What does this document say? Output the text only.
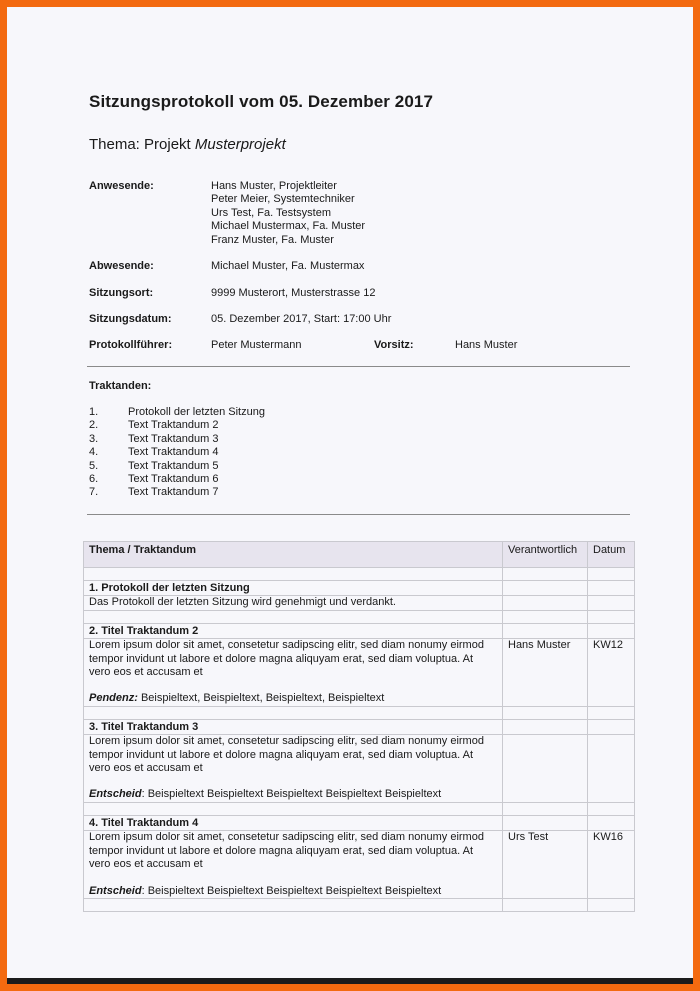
Sitzungsprotokoll vom 05. Dezember 2017
Thema: Projekt Musterprojekt
Anwesende:	Hans Muster, Projektleiter
Peter Meier, Systemtechniker
Urs Test, Fa. Testsystem
Michael Mustermax, Fa. Muster
Franz Muster, Fa. Muster
Abwesende:	Michael Muster, Fa. Mustermax
Sitzungsort:	9999 Musterort, Musterstrasse 12
Sitzungsdatum:	05. Dezember 2017, Start: 17:00 Uhr
Protokollführer:	Peter Mustermann	Vorsitz:	Hans Muster
Traktanden:
1.	Protokoll der letzten Sitzung
2.	Text Traktandum 2
3.	Text Traktandum 3
4.	Text Traktandum 4
5.	Text Traktandum 5
6.	Text Traktandum 6
7.	Text Traktandum 7
Thema / Traktandum	Verantwortlich	Datum

1. Protokoll der letzten Sitzung		
Das Protokoll der letzten Sitzung wird genehmigt und verdankt.		

2. Titel Traktandum 2		

Lorem ipsum dolor sit amet, consetetur sadipscing elitr, sed diam nonumy eirmod tempor invidunt ut labore et dolore magna aliquyam erat, sed diam voluptua. At vero eos et accusam et
Pendenz: Beispieltext, Beispieltext, Beispieltext, Beispieltext
	Hans Muster	KW12

3. Titel Traktandum 3		

Lorem ipsum dolor sit amet, consetetur sadipscing elitr, sed diam nonumy eirmod tempor invidunt ut labore et dolore magna aliquyam erat, sed diam voluptua. At vero eos et accusam et
Entscheid: Beispieltext Beispieltext Beispieltext Beispieltext Beispieltext

4. Titel Traktandum 4		

Lorem ipsum dolor sit amet, consetetur sadipscing elitr, sed diam nonumy eirmod tempor invidunt ut labore et dolore magna aliquyam erat, sed diam voluptua. At vero eos et accusam et
Entscheid: Beispieltext Beispieltext Beispieltext Beispieltext Beispieltext
	Urs Test	KW16
